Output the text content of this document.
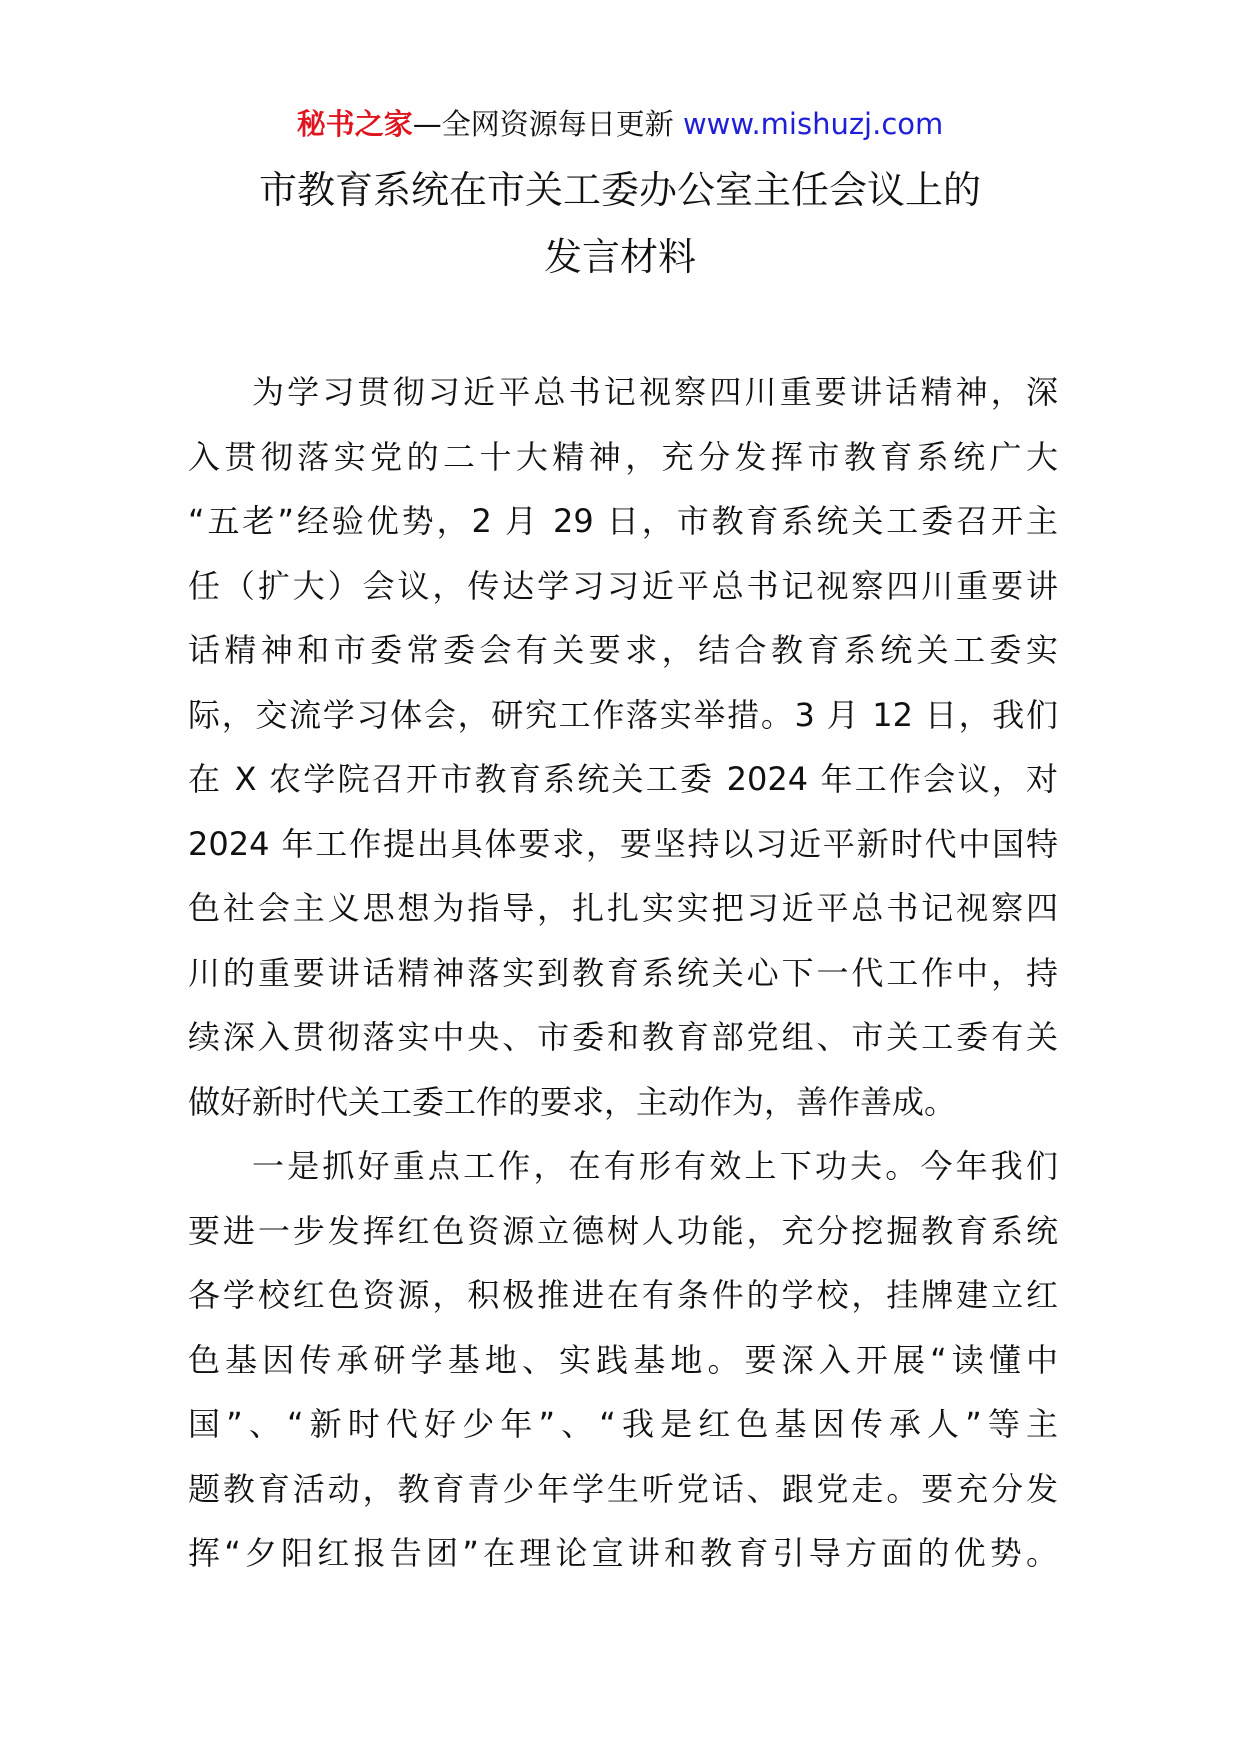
秘书之家—全网资源每日更新 www.mishuzj.com
市教育系统在市关工委办公室主任会议上的
发言材料
为学习贯彻习近平总书记视察四川重要讲话精神，深
入贯彻落实党的二十大精神，充分发挥市教育系统广大
“五老”经验优势，2 月 29 日，市教育系统关工委召开主
任（扩大）会议，传达学习习近平总书记视察四川重要讲
话精神和市委常委会有关要求，结合教育系统关工委实
际，交流学习体会，研究工作落实举措。3 月 12 日，我们
在 X 农学院召开市教育系统关工委 2024 年工作会议，对
2024 年工作提出具体要求，要坚持以习近平新时代中国特
色社会主义思想为指导，扎扎实实把习近平总书记视察四
川的重要讲话精神落实到教育系统关心下一代工作中，持
续深入贯彻落实中央、市委和教育部党组、市关工委有关
做好新时代关工委工作的要求，主动作为，善作善成。
一是抓好重点工作，在有形有效上下功夫。今年我们
要进一步发挥红色资源立德树人功能，充分挖掘教育系统
各学校红色资源，积极推进在有条件的学校，挂牌建立红
色基因传承研学基地、实践基地。要深入开展“读懂中
国”、“新时代好少年”、“我是红色基因传承人”等主
题教育活动，教育青少年学生听党话、跟党走。要充分发
挥“夕阳红报告团”在理论宣讲和教育引导方面的优势。
